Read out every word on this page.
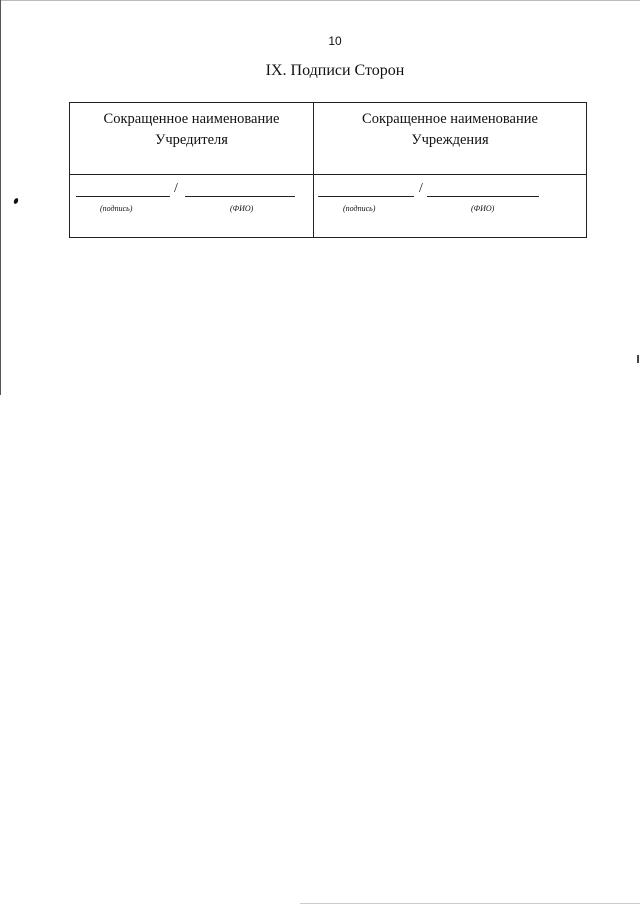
10
IX. Подписи Сторон
Сокращенное наименование
Учредителя
Сокращенное наименование
Учреждения
/
(подпись)	(ФИО)
/
(подпись)	(ФИО)
